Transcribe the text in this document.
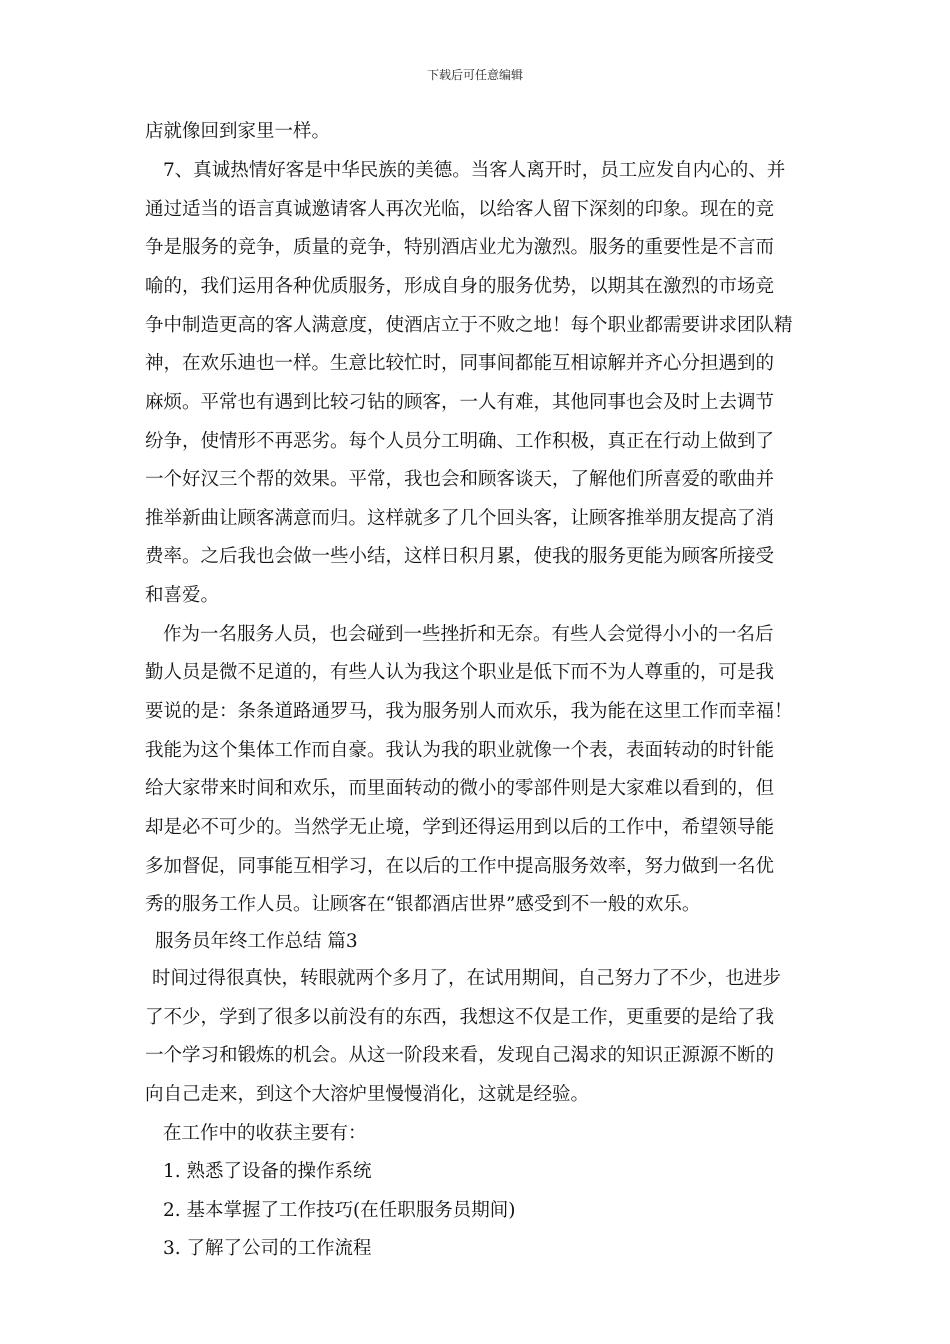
下载后可任意编辑
店就像回到家里一样。
7、真诚热情好客是中华民族的美德。当客人离开时，员工应发自内心的、并
通过适当的语言真诚邀请客人再次光临，以给客人留下深刻的印象。现在的竞
争是服务的竞争，质量的竞争，特别酒店业尤为激烈。服务的重要性是不言而
喻的，我们运用各种优质服务，形成自身的服务优势，以期其在激烈的市场竞
争中制造更高的客人满意度，使酒店立于不败之地！每个职业都需要讲求团队精
神，在欢乐迪也一样。生意比较忙时，同事间都能互相谅解并齐心分担遇到的
麻烦。平常也有遇到比较刁钻的顾客，一人有难，其他同事也会及时上去调节
纷争，使情形不再恶劣。每个人员分工明确、工作积极，真正在行动上做到了
一个好汉三个帮的效果。平常，我也会和顾客谈天，了解他们所喜爱的歌曲并
推举新曲让顾客满意而归。这样就多了几个回头客，让顾客推举朋友提高了消
费率。之后我也会做一些小结，这样日积月累，使我的服务更能为顾客所接受
和喜爱。
作为一名服务人员，也会碰到一些挫折和无奈。有些人会觉得小小的一名后
勤人员是微不足道的，有些人认为我这个职业是低下而不为人尊重的，可是我
要说的是：条条道路通罗马，我为服务别人而欢乐，我为能在这里工作而幸福！
我能为这个集体工作而自豪。我认为我的职业就像一个表，表面转动的时针能
给大家带来时间和欢乐，而里面转动的微小的零部件则是大家难以看到的，但
却是必不可少的。当然学无止境，学到还得运用到以后的工作中，希望领导能
多加督促，同事能互相学习，在以后的工作中提高服务效率，努力做到一名优
秀的服务工作人员。让顾客在“银都酒店世界”感受到不一般的欢乐。
服务员年终工作总结 篇3
时间过得很真快，转眼就两个多月了，在试用期间，自己努力了不少，也进步
了不少，学到了很多以前没有的东西，我想这不仅是工作，更重要的是给了我
一个学习和锻炼的机会。从这一阶段来看，发现自己渴求的知识正源源不断的
向自己走来，到这个大溶炉里慢慢消化，这就是经验。
在工作中的收获主要有：
1. 熟悉了设备的操作系统
2. 基本掌握了工作技巧(在任职服务员期间)
3. 了解了公司的工作流程
